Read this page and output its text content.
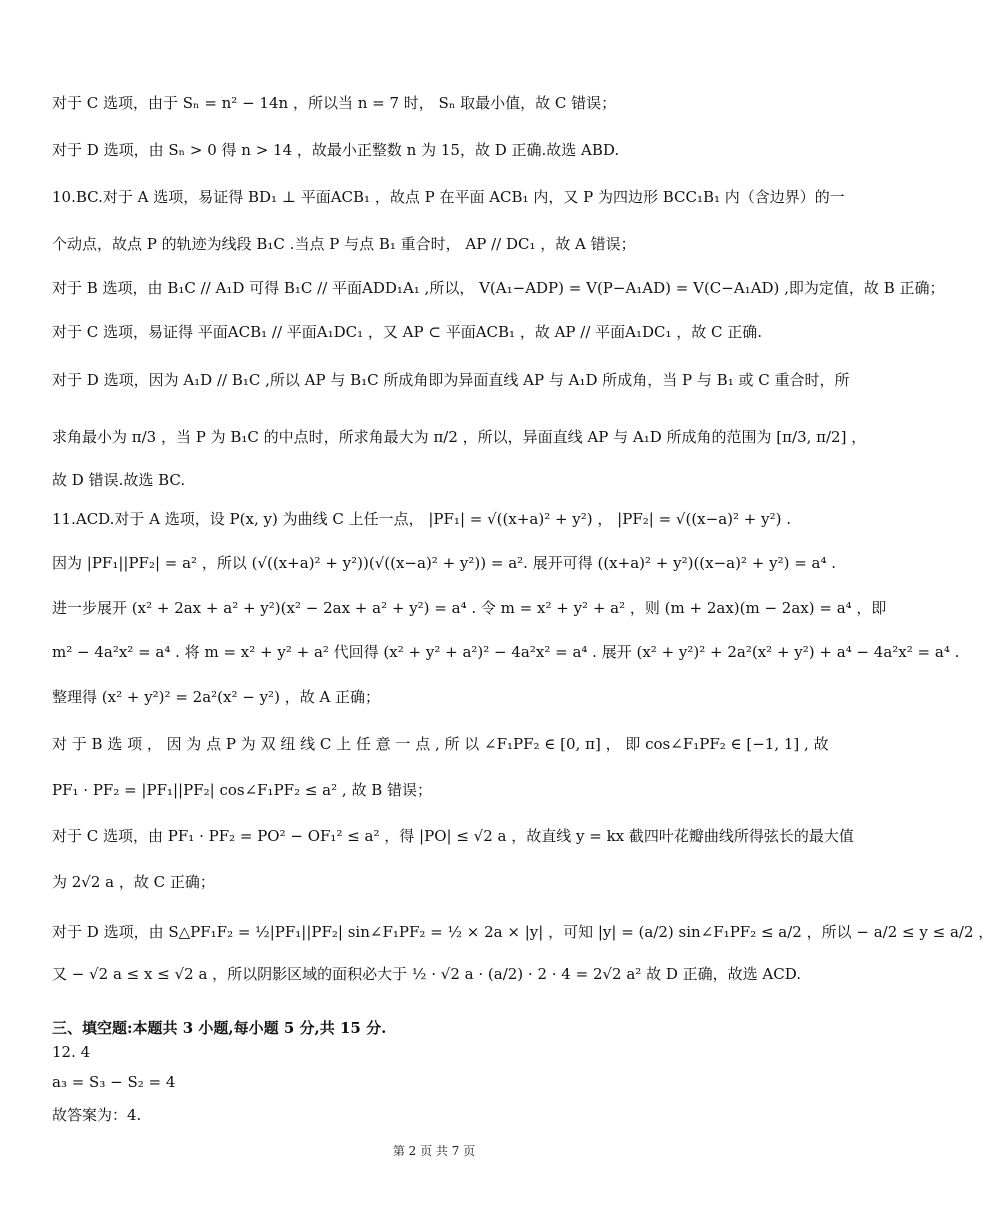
对于 C 选项，由于 Sₙ = n² − 14n ，所以当 n = 7 时， Sₙ 取最小值，故 C 错误；
对于 D 选项，由 Sₙ > 0 得 n > 14 ，故最小正整数 n 为 15，故 D 正确.故选 ABD.
10.BC.对于 A 选项，易证得 BD₁ ⊥ 平面ACB₁ ，故点 P 在平面 ACB₁ 内，又 P 为四边形 BCC₁B₁ 内（含边界）的一
个动点，故点 P 的轨迹为线段 B₁C .当点 P 与点 B₁ 重合时， AP // DC₁ ，故 A 错误；
对于 B 选项，由 B₁C // A₁D 可得 B₁C // 平面ADD₁A₁ ,所以， V(A₁−ADP) = V(P−A₁AD) = V(C−A₁AD) ,即为定值，故 B 正确；
对于 C 选项，易证得 平面ACB₁ // 平面A₁DC₁ ，又 AP ⊂ 平面ACB₁ ，故 AP // 平面A₁DC₁ ，故 C 正确.
对于 D 选项，因为 A₁D // B₁C ,所以 AP 与 B₁C 所成角即为异面直线 AP 与 A₁D 所成角，当 P 与 B₁ 或 C 重合时，所
求角最小为 π/3 ，当 P 为 B₁C 的中点时，所求角最大为 π/2 ，所以，异面直线 AP 与 A₁D 所成角的范围为 [π/3, π/2] ，
故 D 错误.故选 BC.
11.ACD.对于 A 选项，设 P(x, y) 为曲线 C 上任一点， |PF₁| = √((x+a)² + y²) ， |PF₂| = √((x−a)² + y²) .
因为 |PF₁||PF₂| = a² ，所以 (√((x+a)² + y²))(√((x−a)² + y²)) = a². 展开可得 ((x+a)² + y²)((x−a)² + y²) = a⁴ .
进一步展开 (x² + 2ax + a² + y²)(x² − 2ax + a² + y²) = a⁴ . 令 m = x² + y² + a² ，则 (m + 2ax)(m − 2ax) = a⁴ ，即
m² − 4a²x² = a⁴ . 将 m = x² + y² + a² 代回得 (x² + y² + a²)² − 4a²x² = a⁴ . 展开 (x² + y²)² + 2a²(x² + y²) + a⁴ − 4a²x² = a⁴ .
整理得 (x² + y²)² = 2a²(x² − y²) ，故 A 正确；
对 于 B 选 项 ， 因 为 点 P 为 双 纽 线 C 上 任 意 一 点 , 所 以 ∠F₁PF₂ ∈ [0, π] ， 即 cos∠F₁PF₂ ∈ [−1, 1] , 故
PF₁ · PF₂ = |PF₁||PF₂| cos∠F₁PF₂ ≤ a² , 故 B 错误；
对于 C 选项，由 PF₁ · PF₂ = PO² − OF₁² ≤ a² ，得 |PO| ≤ √2 a ，故直线 y = kx 截四叶花瓣曲线所得弦长的最大值
为 2√2 a ，故 C 正确；
对于 D 选项，由 S△PF₁F₂ = ½|PF₁||PF₂| sin∠F₁PF₂ = ½ × 2a × |y| ，可知 |y| = (a/2) sin∠F₁PF₂ ≤ a/2 ，所以 − a/2 ≤ y ≤ a/2 ，
又 − √2 a ≤ x ≤ √2 a ，所以阴影区域的面积必大于 ½ · √2 a · (a/2) · 2 · 4 = 2√2 a² 故 D 正确，故选 ACD.
三、填空题:本题共 3 小题,每小题 5 分,共 15 分.
12. 4
a₃ = S₃ − S₂ = 4
故答案为：4.
第 2 页 共 7 页
